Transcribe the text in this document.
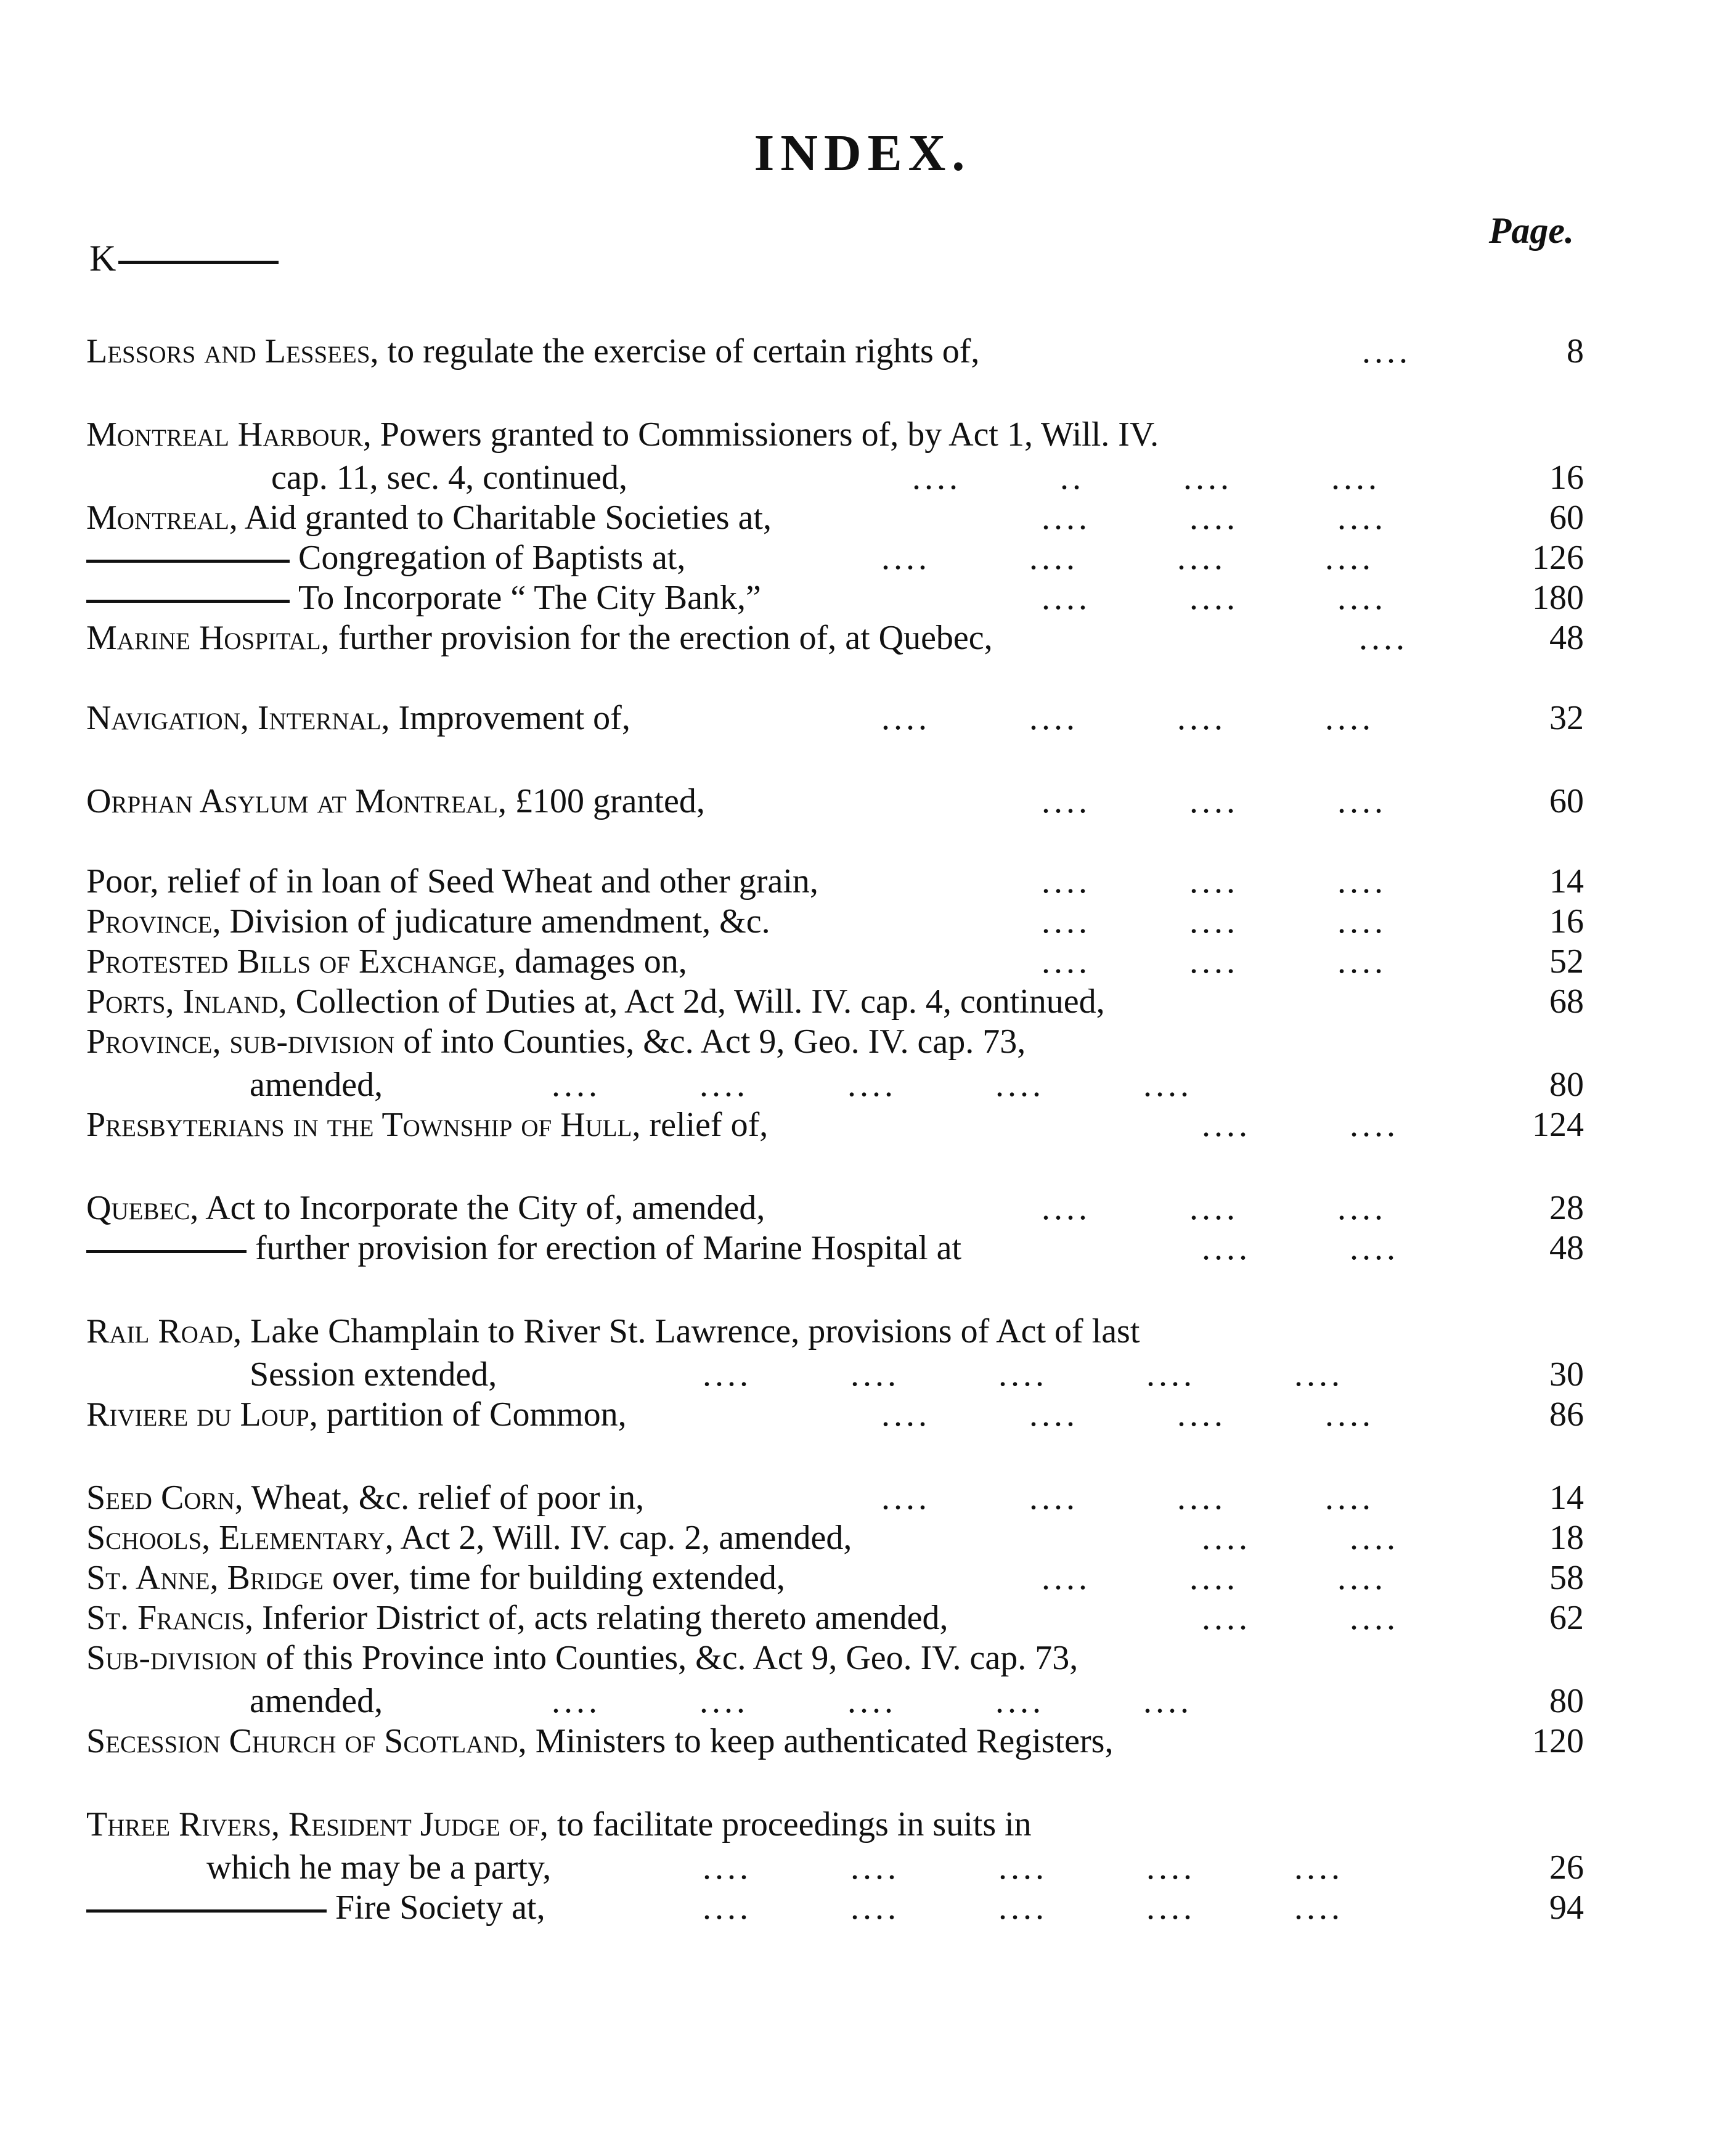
INDEX.
Page.
K
Lessors and Lessees, to regulate the exercise of certain rights of,	....	8
Montreal Harbour, Powers granted to Commissioners of, by Act 1, Will. IV.
cap. 11, sec. 4, continued,	....        ..        ....        ....	16
Montreal, Aid granted to Charitable Societies at,	....        ....        ....	60
Congregation of Baptists at,	....        ....        ....        ....	126
To Incorporate “ The City Bank,”	....        ....        ....	180
Marine Hospital, further provision for the erection of, at Quebec,	....	48
Navigation, Internal, Improvement of,	....        ....        ....        ....	32
Orphan Asylum at Montreal, £100 granted,	....        ....        ....	60
Poor, relief of in loan of Seed Wheat and other grain,	....        ....        ....	14
Province, Division of judicature amendment, &c.	....        ....        ....	16
Protested Bills of Exchange, damages on,	....        ....        ....	52
Ports, Inland, Collection of Duties at, Act 2d, Will. IV. cap. 4, continued,	68
Province, sub-division of into Counties, &c. Act 9, Geo. IV. cap. 73,
amended,	....        ....        ....        ....        ....	80
Presbyterians in the Township of Hull, relief of,	....        ....	124
Quebec, Act to Incorporate the City of, amended,	....        ....        ....	28
further provision for erection of Marine Hospital at	....        ....	48
Rail Road, Lake Champlain to River St. Lawrence, provisions of Act of last
Session extended,	....        ....        ....        ....        ....	30
Riviere du Loup, partition of Common,	....        ....        ....        ....	86
Seed Corn, Wheat, &c. relief of poor in,	....        ....        ....        ....	14
Schools, Elementary, Act 2, Will. IV. cap. 2, amended,	....        ....	18
St. Anne, Bridge over, time for building extended,	....        ....        ....	58
St. Francis, Inferior District of, acts relating thereto amended,	....        ....	62
Sub-division of this Province into Counties, &c. Act 9, Geo. IV. cap. 73,
amended,	....        ....        ....        ....        ....	80
Secession Church of Scotland, Ministers to keep authenticated Registers,	120
Three Rivers, Resident Judge of, to facilitate proceedings in suits in
which he may be a party,	....        ....        ....        ....        ....	26
Fire Society at,	....        ....        ....        ....        ....	94
